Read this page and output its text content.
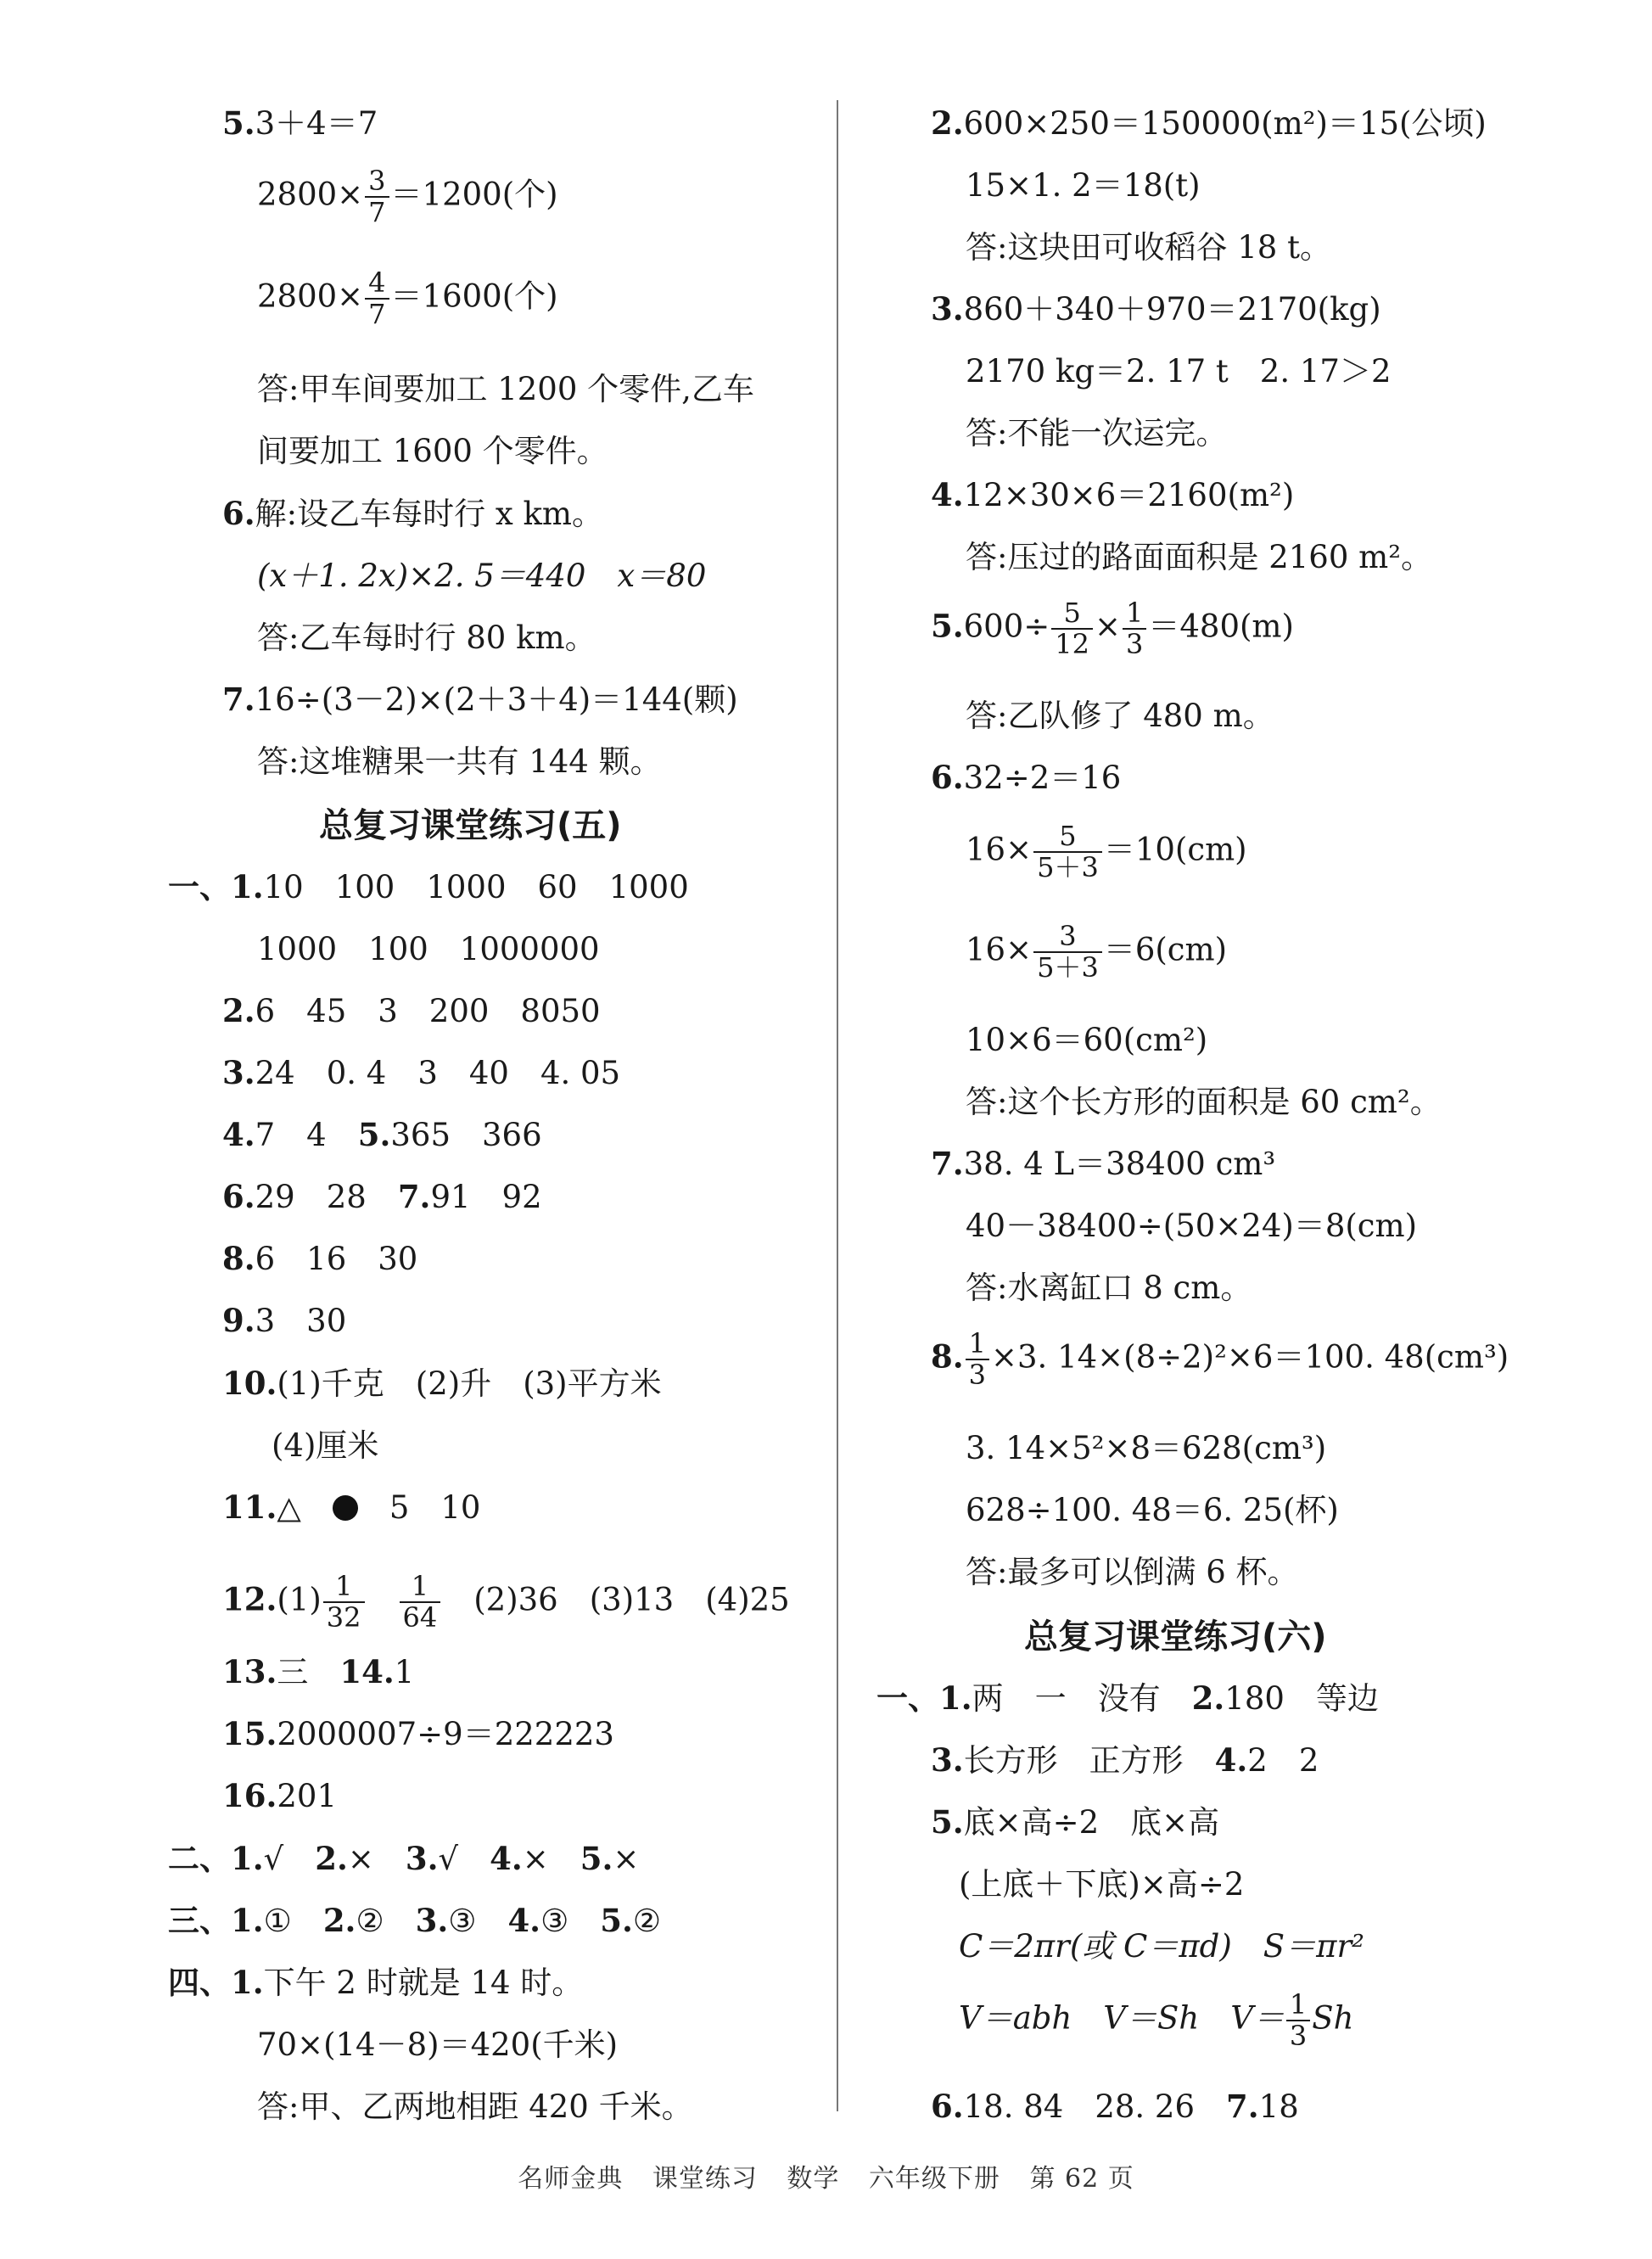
5.3＋4＝7
$2800\times \frac{3}{7} =1200$(个)
$2800\times \frac{4}{7} =1600$(个)
答:甲车间要加工 1200 个零件,乙车
间要加工 1600 个零件。
6.解:设乙车每时行 x km。
(x＋1. 2x)×2. 5＝440　x＝80
答:乙车每时行 80 km。
7.16÷(3－2)×(2＋3＋4)＝144(颗)
答:这堆糖果一共有 144 颗。
总复习课堂练习(五)
一、1.10　100　1000　60　1000
1000　100　1000000
2.6　45　3　200　8050
3.24　0. 4　3　40　4. 05
4.7　4　 5.365　366
6.29　28　 7.91　92
8.6　16　30
9.3　30
10.(1)千克　(2)升　(3)平方米
(4)厘米
11.△　　	5　10
$12.(1) \frac{1}{32}$
　 $\frac{1}{64}$
　 (2)36　(3)13　(4)25
13.三　 14.1
15.2000007÷9＝222223
16.201
二、1.√　 2.×　 3.√　 4.×　 5.×
三、1.①　 2.②　 3.③　 4.③　 5.②
四、1.下午 2 时就是 14 时。
70×(14－8)＝420(千米)
答:甲、乙两地相距 420 千米。
2.600×250＝150000(m²)＝15(公顷)
15×1. 2＝18(t)
答:这块田可收稻谷 18 t。
3.860＋340＋970＝2170(kg)
2170 kg＝2. 17 t　2. 17＞2
答:不能一次运完。
4.12×30×6＝2160(m²)
答:压过的路面面积是 2160 m²。
$5.600\div \frac{5}{12} \times \frac{1}{3} =480(m)$
答:乙队修了 480 m。
6.32÷2＝16
$16\times \frac{5}{5+3} =10(cm)$
$16\times \frac{3}{5+3} =6(cm)$
10×6＝60(cm²)
答:这个长方形的面积是 60 cm²。
7.38. 4 L＝38400 cm³
40－38400÷(50×24)＝8(cm)
答:水离缸口 8 cm。
8. $\frac{1}{3} \times 3$. 14×(8÷2)²×6＝100. 48(cm³)
3. 14×5²×8＝628(cm³)
628÷100. 48＝6. 25(杯)
答:最多可以倒满 6 杯。
总复习课堂练习(六)
一、1.两　一　没有　 2.180　等边
3.长方形　正方形　 4.2　2
5.底×高÷2　底×高
(上底＋下底)×高÷2
C＝2πr(或 C＝πd)　S＝πr²
V＝abh　V＝Sh　$V= \frac{1}{3}$ Sh
6.18. 84　28. 26　 7.18
名师金典 课堂练习 数学 六年级下册 第 62 页
